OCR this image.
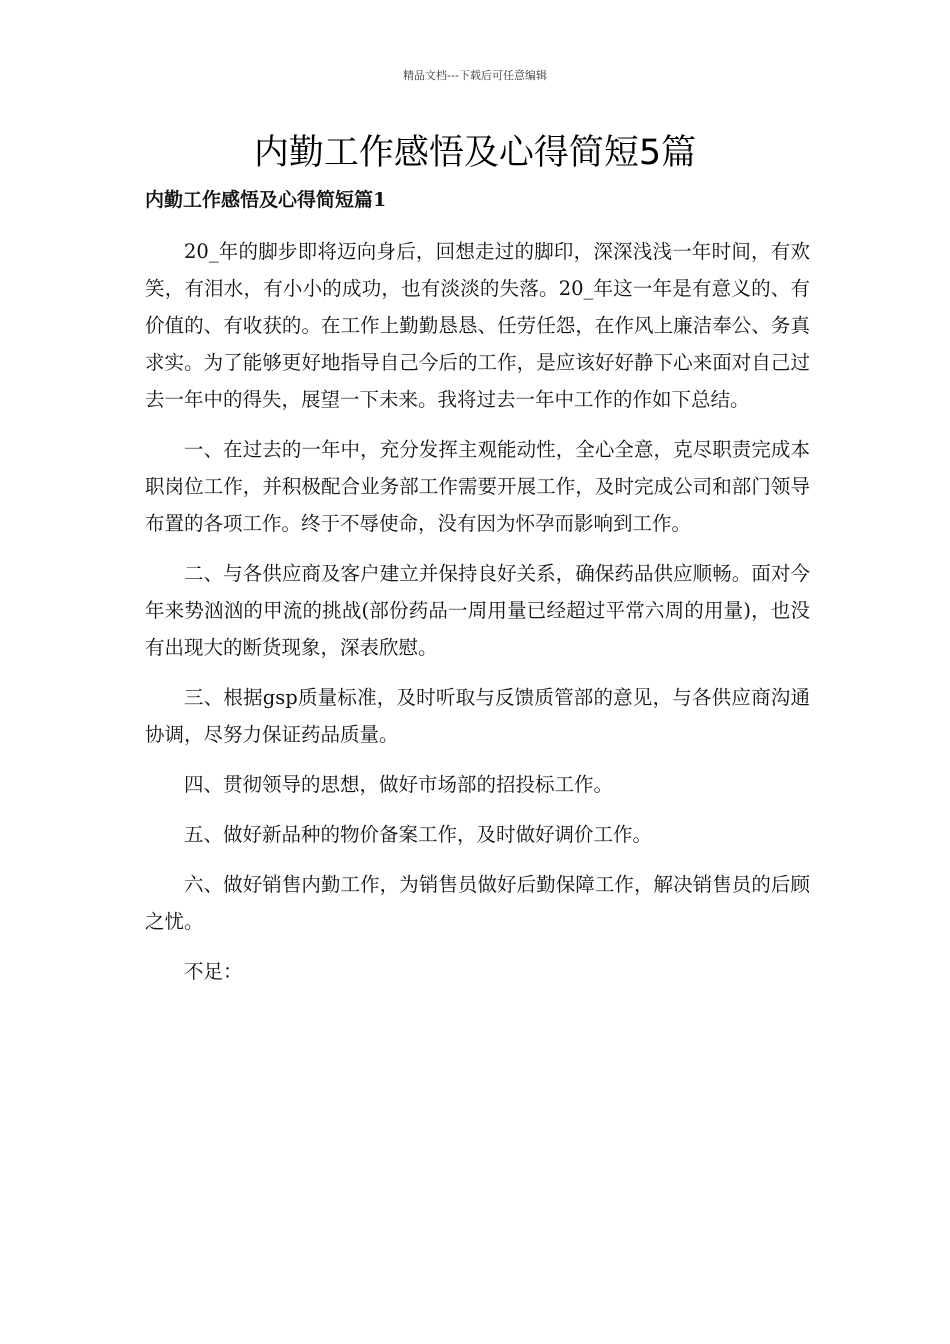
精品文档---下载后可任意编辑
内勤工作感悟及心得简短5篇
内勤工作感悟及心得简短篇1

20_年的脚步即将迈向身后，回想走过的脚印，深深浅浅一年时间，有欢笑，有泪水，有小小的成功，也有淡淡的失落。20_年这一年是有意义的、有价值的、有收获的。在工作上勤勤恳恳、任劳任怨，在作风上廉洁奉公、务真求实。为了能够更好地指导自己今后的工作，是应该好好静下心来面对自己过去一年中的得失，展望一下未来。我将过去一年中工作的作如下总结。

一、在过去的一年中，充分发挥主观能动性，全心全意，克尽职责完成本职岗位工作，并积极配合业务部工作需要开展工作，及时完成公司和部门领导布置的各项工作。终于不辱使命，没有因为怀孕而影响到工作。

二、与各供应商及客户建立并保持良好关系，确保药品供应顺畅。面对今年来势汹汹的甲流的挑战(部份药品一周用量已经超过平常六周的用量)，也没有出现大的断货现象，深表欣慰。

三、根据gsp质量标准，及时听取与反馈质管部的意见，与各供应商沟通协调，尽努力保证药品质量。

四、贯彻领导的思想，做好市场部的招投标工作。

五、做好新品种的物价备案工作，及时做好调价工作。

六、做好销售内勤工作，为销售员做好后勤保障工作，解决销售员的后顾之忧。

不足：
